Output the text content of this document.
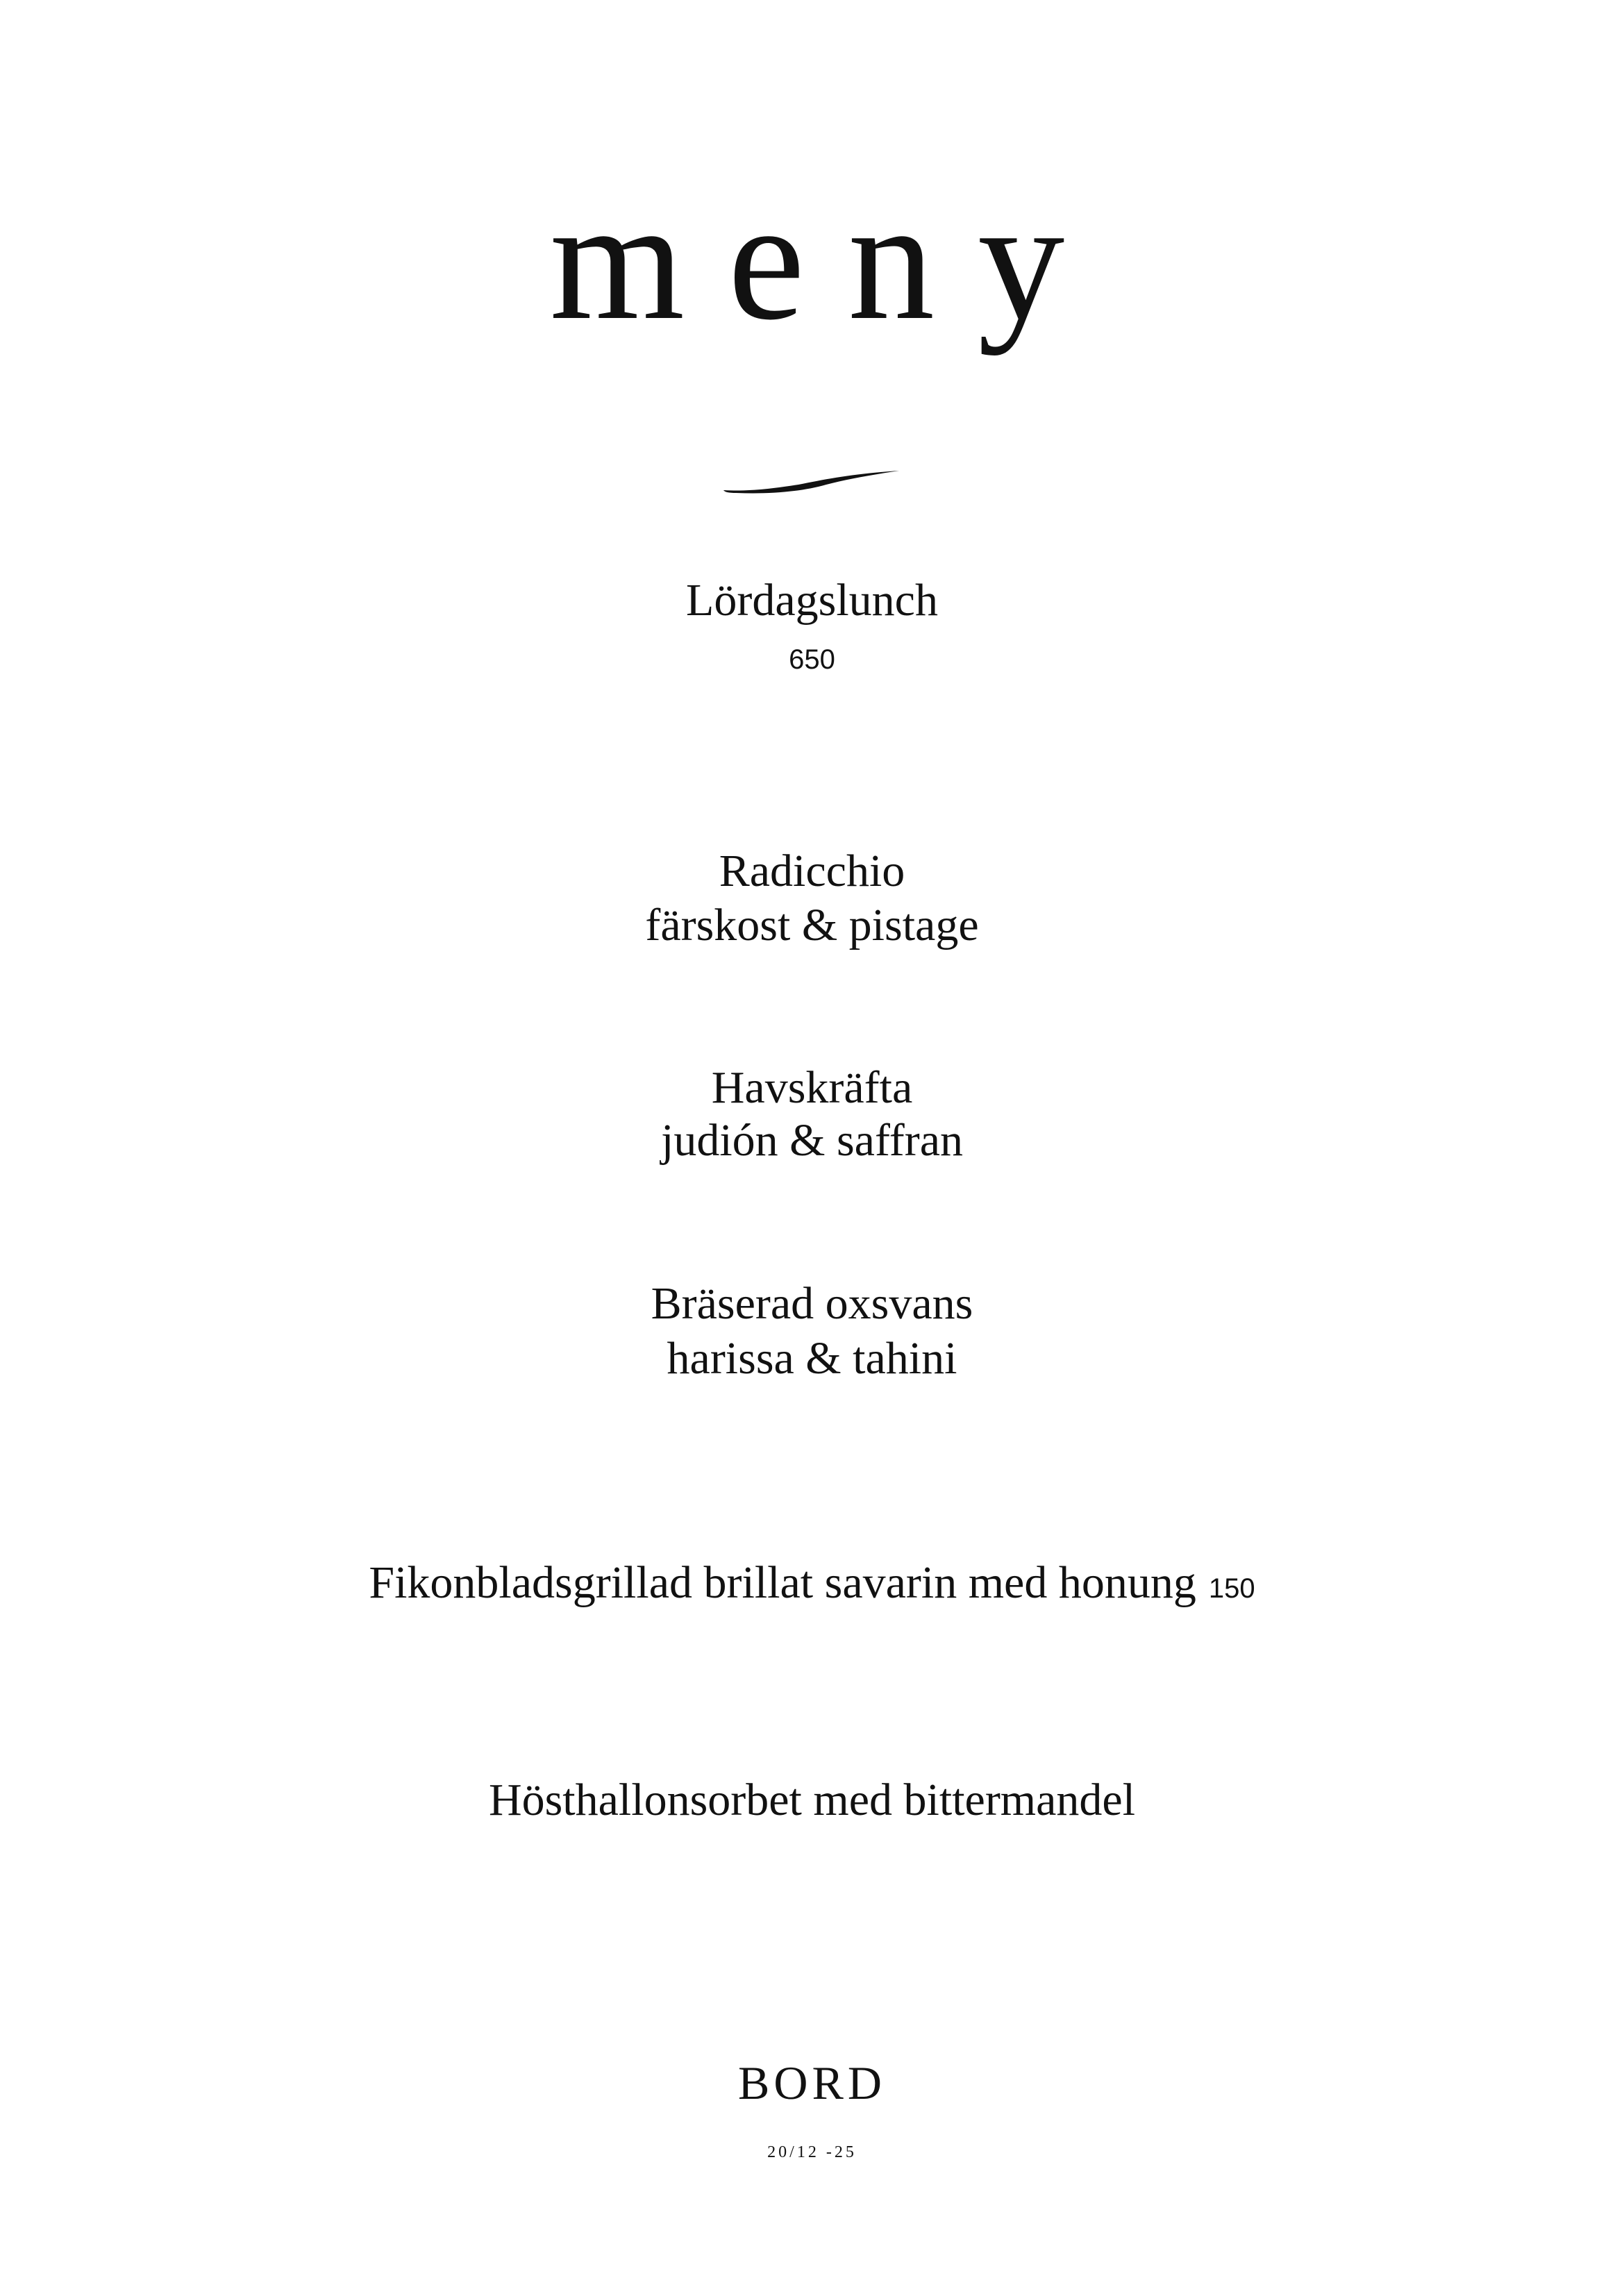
meny
Lördagslunch
650
Radicchio
färskost & pistage
Havskräfta
judión & saffran
Bräserad oxsvans
harissa & tahini
Fikonbladsgrillad brillat savarin med honung 150
Hösthallonsorbet med bittermandel
BORD
20/12 -25
